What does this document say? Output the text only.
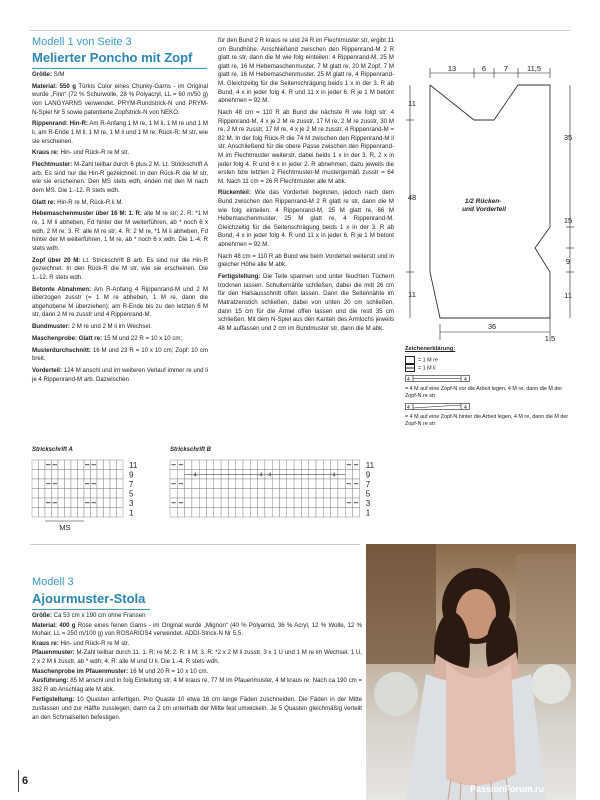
Modell 1 von Seite 3
Melierter Poncho mit Zopf

Größe: S/M

Material: 550 g Türkis Color eines Chunky-Garns - im Original wurde „Finn“ (72 % Schurwolle, 28 % Polyacryl, LL = 60 m/50 g) von LANGYARNS verwendet. PRYM-Rundstrick-N und PRYM-N-Spiel Nr 5 sowie patentierte Zopfstrick-N von NEKO.

Rippenrand: Hin-R: Am R-Anfang 1 M re, 1 M li, 1 M re und 1 M li, am R-Ende 1 M li, 1 M re, 1 M li und 1 M re; Rück-R: M str, wie sie erscheinen.

Kraus re: Hin- und Rück-R re M str.

Flechtmuster: M-Zahl teilbar durch 6 plus 2 M. Lt. Strickschrift A arb. Es sind nur die Hin-R gezeichnet. In den Rück-R die M str, wie sie erscheinen. Den MS stets wdh, enden mit den M nach dem MS. Die 1.-12. R stets wdh.

Glatt re: Hin-R re M, Rück-R li M.

Hebemaschenmuster über 16 M: 1. R: alle M re str; 2. R: *1 M re, 1 M li abheben, Fd hinter der M weiterführen, ab * noch 6 x wdh, 2 M re; 3. R: alle M re str; 4. R: 2 M re, *1 M li abheben, Fd hinter der M weiterführen, 1 M re, ab * noch 6 x wdh. Die 1.-4. R stets wdh.

Zopf über 20 M: Lt. Strickschrift B arb. Es sind nur die Hin-R gezeichnet. In den Rück-R die M str, wie sie erscheinen. Die 1.-12. R stets wdh.

Betonte Abnahmen: Am R-Anfang 4 Rippenrand-M und 2 M überzogen zusstr (= 1 M re abheben, 1 M re, dann die abgehobene M überziehen); am R-Ende bis zu den letzten 6 M str, dann 2 M re zusstr und 4 Rippenrand-M.

Bundmuster: 2 M re und 2 M li im Wechsel.

Maschenprobe: Glatt re: 15 M und 22 R = 10 x 10 cm;

Musterdurchschnitt: 16 M und 23 R = 10 x 10 cm; Zopf: 10 cm breit.

Vorderteil: 124 M anschl und im weiteren Verlauf immer re und li je 4 Rippenrand-M arb. Dazwischen

für den Bund 2 R kraus re und 24 R im Flechtmuster str, ergibt 11 cm Bundhöhe. Anschließend zwischen den Rippenrand-M 2 R glatt re str, dann die M wie folg einteilen: 4 Rippenrand-M, 25 M glatt re, 16 M Hebemaschenmuster, 7 M glatt re, 20 M Zopf, 7 M glatt re, 16 M Hebemaschenmuster, 25 M glatt re, 4 Rippenrand-M. Gleichzeitig für die Seitenschrägung beids 1 x in der 3. R ab Bund, 4 x in jeder folg 4. R und 11 x in jeder 6. R je 1 M betont abnehmen = 92 M.

Nach 48 cm = 110 R ab Bund die nächste R wie folgt str: 4 Rippenrand-M, 4 x je 2 M re zusstr, 17 M re, 2 M re zusstr, 30 M re, 2 M re zusstr, 17 M re, 4 x je 2 M re zusstr, 4 Rippenrand-M = 82 M. In der folg Rück-R die 74 M zwischen den Rippenrand-M li str. Anschließend für die obere Passe zwischen den Rippenrand-M im Flechtmuster weiterstr, dabei beids 1 x in der 3. R, 2 x in jeder folg 4. R und 6 x in jeder 2. R abnehmen, dazu jeweils die ersten bzw letzten 2 Flechtmuster-M mustergemäß zusstr = 64 M. Nach 11 cm = 26 R Flechtmuster alle M abk.

Rückenteil: Wie das Vorderteil beginnen, jedoch nach dem Bund zwischen den Rippenrand-M 2 R glatt re str, dann die M wie folg einteilen: 4 Rippenrand-M, 25 M glatt re, 66 M Hebemaschenmuster, 25 M glatt re, 4 Rippenrand-M. Gleichzeitig für die Seitenschrägung beids 1 x in der 3. R ab Bund, 4 x in jeder folg 4. R und 11 x in jeder 6. R je 1 M betont abnehmen = 92 M.

Nach 48 cm = 110 R ab Bund wie beim Vorderteil weiterstr und in gleicher Höhe alle M abk.

Fertigstellung: Die Teile spannen und unter feuchten Tüchern trocknen lassen. Schulternähte schließen, dabei die mitt 26 cm für den Halsausschnitt offen lassen. Dann die Seitennähte im Matratzenstich schließen, dabei von unten 20 cm schließen, dann 15 cm für die Ärmel offen lassen und die restl 35 cm schließen. Mit dem N-Spiel aus den Kanten des Armlochs jeweils 48 M auffassen und 2 cm im Bundmuster str, dann die M abk.

13	6 7	11,5
11
48
11
35
15
9
11
36
1,5
1/2 Rücken- und Vorderteil
Zeichenerklärung:
= 1 M re
= 1 M li
4	4
= 4 M auf eine Zopf-N vor die Arbeit legen, 4 M re, dann die M der Zopf-N re str
4	4
= 4 M auf eine Zopf-N hinter die Arbeit legen, 4 M re, dann die M der Zopf-N re str
Strickschrift A
11
9
7
5
3
1
MS
Strickschrift B
4	4 4	4
11
9
7
5
3
1
Modell 3
Ajourmuster-Stola

Größe: Ca 53 cm x 190 cm ohne Fransen

Material: 400 g Rose eines feinen Garns - im Original wurde „Mignon“ (40 % Polyamid, 36 % Acryl, 12 % Wolle, 12 % Mohair, LL = 250 m/100 g) von ROSARIOS4 verwendet. ADDI-Strick-N Nr 5,5.

Kraus re: Hin- und Rück-R re M str.

Pfauenmuster: M-Zahl teilbar durch 11. 1. R: re M; 2. R: li M; 3. R: *2 x 2 M li zusstr, 3 x 1 U und 1 M re im Wechsel, 1 U, 2 x 2 M li zusstr, ab * wdh; 4. R: alle M und U li. Die 1.-4. R stets wdh.

Maschenprobe im Pfauenmuster: 16 M und 20 R = 10 x 10 cm.

Ausführung: 85 M anschl und in folg Einteilung str: 4 M kraus re, 77 M im Pfauenmuster, 4 M kraus re. Nach ca 190 cm = 382 R ab Anschlag alle M abk.

Fertigstellung: 10 Quasten anfertigen. Pro Quaste 10 etwa 16 cm lange Fäden zuschneiden. Die Fäden in der Mitte zusfassen und zur Hälfte zusslegen, dann ca 2 cm unterhalb der Mitte fest umwickeln. Je 5 Quasten gleichmäßig verteilt an den Schmalseiten befestigen.

6
PassionForum.ru
